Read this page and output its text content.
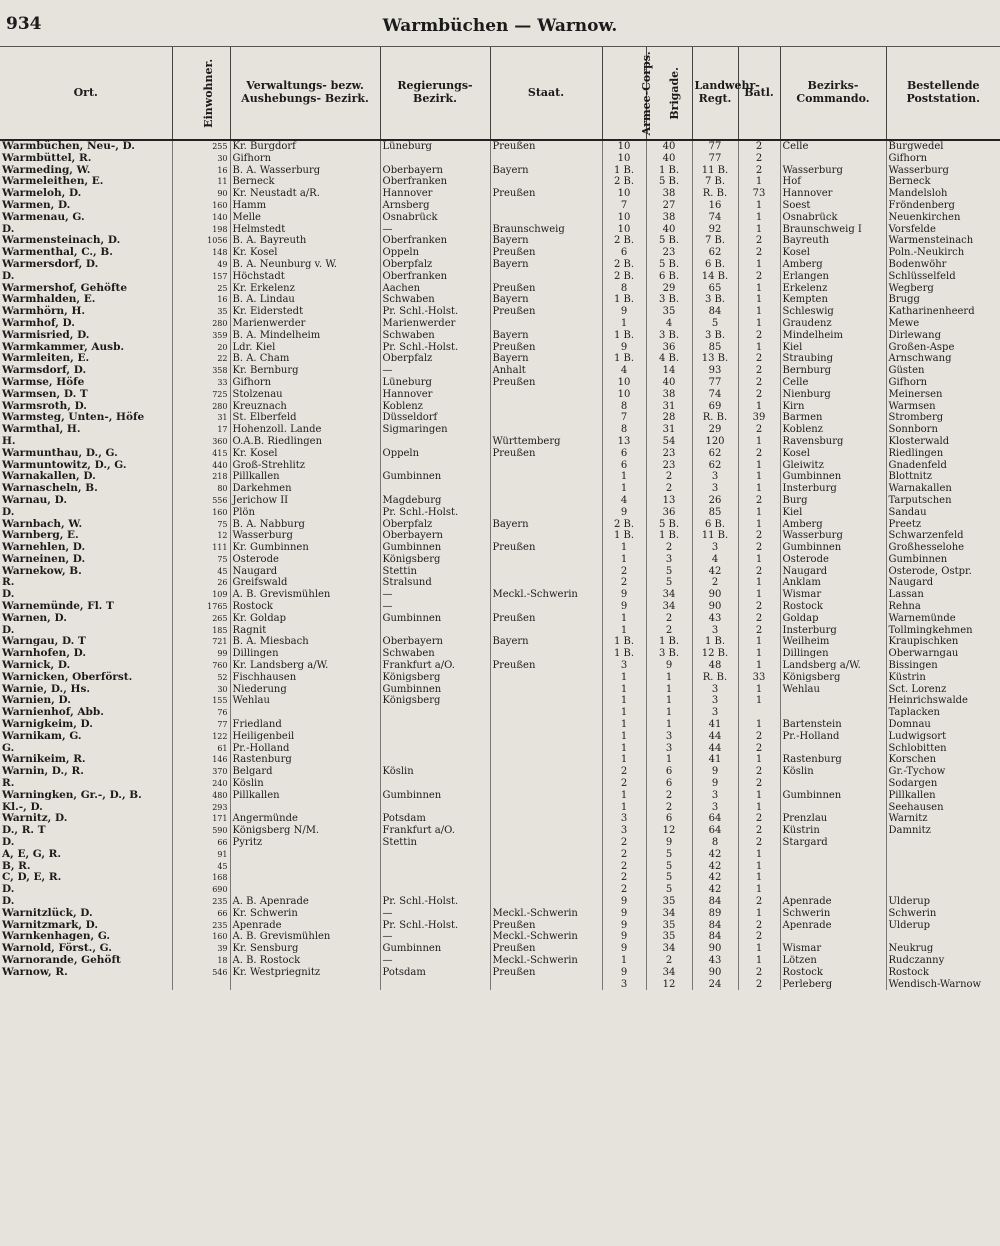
934	Warmbüchen — Warnow.
Ort.	Einwohner.	Verwaltungs- bezw. Aushebungs- Bezirk.	Regierungs- Bezirk.	Staat.	Armee-Corps.	Brigade.	Landwehr- Regt.	Batl.	Bezirks- Commando.	Bestellende Poststation.
Warmbüchen, Neu-, D.	255	Kr. Burgdorf	Lüneburg	Preußen	10	40	77	2	Celle	Burgwedel
Warmbüttel, R.	30	Gifhorn			10	40	77	2		Gifhorn
Warmeding, W.	16	B. A. Wasserburg	Oberbayern	Bayern	1 B.	1 B.	11 B.	2	Wasserburg	Wasserburg
Warmeleithen, E.	11	Berneck	Oberfranken		2 B.	5 B.	7 B.	1	Hof	Berneck
Warmeloh, D.	90	Kr. Neustadt a/R.	Hannover	Preußen	10	38	R. B.	73	Hannover	Mandelsloh
Warmen, D.	160	Hamm	Arnsberg		7	27	16	1	Soest	Fröndenberg
Warmenau, G.	140	Melle	Osnabrück		10	38	74	1	Osnabrück	Neuenkirchen
D.	198	Helmstedt	—	Braunschweig	10	40	92	1	Braunschweig I	Vorsfelde
Warmensteinach, D.	1056	B. A. Bayreuth	Oberfranken	Bayern	2 B.	5 B.	7 B.	2	Bayreuth	Warmensteinach
Warmenthal, C., B.	148	Kr. Kosel	Oppeln	Preußen	6	23	62	2	Kosel	Poln.-Neukirch
Warmersdorf, D.	49	B. A. Neunburg v. W.	Oberpfalz	Bayern	2 B.	5 B.	6 B.	1	Amberg	Bodenwöhr
D.	157	Höchstadt	Oberfranken		2 B.	6 B.	14 B.	2	Erlangen	Schlüsselfeld
Warmershof, Gehöfte	25	Kr. Erkelenz	Aachen	Preußen	8	29	65	1	Erkelenz	Wegberg
Warmhalden, E.	16	B. A. Lindau	Schwaben	Bayern	1 B.	3 B.	3 B.	1	Kempten	Brugg
Warmhörn, H.	35	Kr. Eiderstedt	Pr. Schl.-Holst.	Preußen	9	35	84	1	Schleswig	Katharinenheerd
Warmhof, D.	280	Marienwerder	Marienwerder		1	4	5	1	Graudenz	Mewe
Warmisried, D.	359	B. A. Mindelheim	Schwaben	Bayern	1 B.	3 B.	3 B.	2	Mindelheim	Dirlewang
Warmkammer, Ausb.	20	Ldr. Kiel	Pr. Schl.-Holst.	Preußen	9	36	85	1	Kiel	Großen-Aspe
Warmleiten, E.	22	B. A. Cham	Oberpfalz	Bayern	1 B.	4 B.	13 B.	2	Straubing	Arnschwang
Warmsdorf, D.	358	Kr. Bernburg	—	Anhalt	4	14	93	2	Bernburg	Güsten
Warmse, Höfe	33	Gifhorn	Lüneburg	Preußen	10	40	77	2	Celle	Gifhorn
Warmsen, D. T	725	Stolzenau	Hannover		10	38	74	2	Nienburg	Meinersen
Warmsroth, D.	280	Kreuznach	Koblenz		8	31	69	1	Kirn	Warmsen
Warmsteg, Unten-, Höfe	31	St. Elberfeld	Düsseldorf		7	28	R. B.	39	Barmen	Stromberg
Warmthal, H.	17	Hohenzoll. Lande	Sigmaringen		8	31	29	2	Koblenz	Sonnborn
H.	360	O.A.B. Riedlingen		Württemberg	13	54	120	1	Ravensburg	Klosterwald
Warmunthau, D., G.	415	Kr. Kosel	Oppeln	Preußen	6	23	62	2	Kosel	Riedlingen
Warmuntowitz, D., G.	440	Groß-Strehlitz			6	23	62	1	Gleiwitz	Gnadenfeld
Warnakallen, D.	218	Pillkallen	Gumbinnen		1	2	3	1	Gumbinnen	Blottnitz
Warnascheln, B.	80	Darkehmen			1	2	3	1	Insterburg	Warnakallen
Warnau, D.	556	Jerichow II	Magdeburg		4	13	26	2	Burg	Tarputschen
D.	160	Plön	Pr. Schl.-Holst.		9	36	85	1	Kiel	Sandau
Warnbach, W.	75	B. A. Nabburg	Oberpfalz	Bayern	2 B.	5 B.	6 B.	1	Amberg	Preetz
Warnberg, E.	12	Wasserburg	Oberbayern		1 B.	1 B.	11 B.	2	Wasserburg	Schwarzenfeld
Warnehlen, D.	111	Kr. Gumbinnen	Gumbinnen	Preußen	1	2	3	2	Gumbinnen	Großhesselohe
Warneinen, D.	75	Osterode	Königsberg		1	3	4	1	Osterode	Gumbinnen
Warnekow, B.	45	Naugard	Stettin		2	5	42	2	Naugard	Osterode, Ostpr.
R.	26	Greifswald	Stralsund		2	5	2	1	Anklam	Naugard
D.	109	A. B. Grevismühlen	—	Meckl.-Schwerin	9	34	90	1	Wismar	Lassan
Warnemünde, Fl. T	1765	Rostock	—		9	34	90	2	Rostock	Rehna
Warnen, D.	265	Kr. Goldap	Gumbinnen	Preußen	1	2	43	2	Goldap	Warnemünde
D.	185	Ragnit			1	2	3	2	Insterburg	Tollmingkehmen
Warngau, D. T	721	B. A. Miesbach	Oberbayern	Bayern	1 B.	1 B.	1 B.	1	Weilheim	Kraupischken
Warnhofen, D.	99	Dillingen	Schwaben		1 B.	3 B.	12 B.	1	Dillingen	Oberwarngau
Warnick, D.	760	Kr. Landsberg a/W.	Frankfurt a/O.	Preußen	3	9	48	1	Landsberg a/W.	Bissingen
Warnicken, Oberförst.	52	Fischhausen	Königsberg		1	1	R. B.	33	Königsberg	Küstrin
Warnie, D., Hs.	30	Niederung	Gumbinnen		1	1	3	1	Wehlau	Sct. Lorenz
Warnien, D.	155	Wehlau	Königsberg		1	1	3	1		Heinrichswalde
Warnienhof, Abb.	76				1	1	3			Taplacken
Warnigkeim, D.	77	Friedland			1	1	41	1	Bartenstein	Domnau
Warnikam, G.	122	Heiligenbeil			1	3	44	2	Pr.-Holland	Ludwigsort
G.	61	Pr.-Holland			1	3	44	2		Schlobitten
Warnikeim, R.	146	Rastenburg			1	1	41	1	Rastenburg	Korschen
Warnin, D., R.	370	Belgard	Köslin		2	6	9	2	Köslin	Gr.-Tychow
R.	240	Köslin			2	6	9	2		Sodargen
Warningken, Gr.-, D., B.	480	Pillkallen	Gumbinnen		1	2	3	1	Gumbinnen	Pillkallen
Kl.-, D.	293				1	2	3	1		Seehausen
Warnitz, D.	171	Angermünde	Potsdam		3	6	64	2	Prenzlau	Warnitz
D., R. T	590	Königsberg N/M.	Frankfurt a/O.		3	12	64	2	Küstrin	Damnitz
D.	66	Pyritz	Stettin		2	9	8	2	Stargard	
A, E, G, R.	91				2	5	42	1		
B, R.	45				2	5	42	1		
C, D, E, R.	168				2	5	42	1		
D.	690				2	5	42	1		
D.	235	A. B. Apenrade	Pr. Schl.-Holst.		9	35	84	2	Apenrade	Ulderup
Warnitzlück, D.	66	Kr. Schwerin	—	Meckl.-Schwerin	9	34	89	1	Schwerin	Schwerin
Warnitzmark, D.	235	Apenrade	Pr. Schl.-Holst.	Preußen	9	35	84	2	Apenrade	Ulderup
Warnkenhagen, G.	160	A. B. Grevismühlen	—	Meckl.-Schwerin	9	35	84	2		
Warnold, Först., G.	39	Kr. Sensburg	Gumbinnen	Preußen	9	34	90	1	Wismar	Neukrug
Warnorande, Gehöft	18	A. B. Rostock	—	Meckl.-Schwerin	1	2	43	1	Lötzen	Rudczanny
Warnow, R.	546	Kr. Westpriegnitz	Potsdam	Preußen	9	34	90	2	Rostock	Rostock
					3	12	24	2	Perleberg	Wendisch-Warnow
